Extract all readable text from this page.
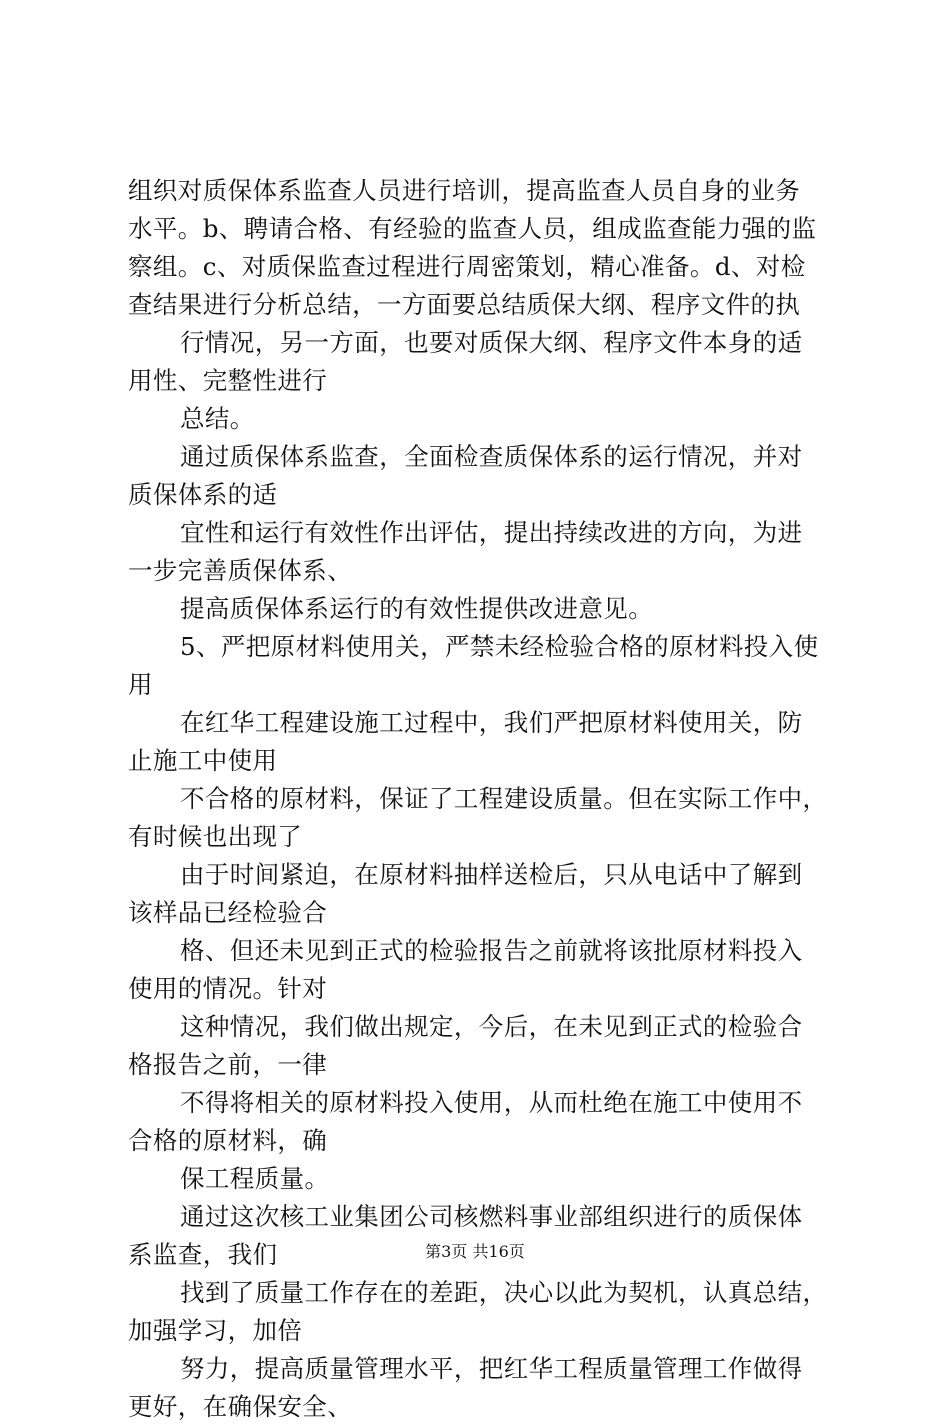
组织对质保体系监查人员进行培训，提高监查人员自身的业务
水平。b、聘请合格、有经验的监查人员，组成监查能力强的监
察组。c、对质保监查过程进行周密策划，精心准备。d、对检
查结果进行分析总结，一方面要总结质保大纲、程序文件的执
行情况，另一方面，也要对质保大纲、程序文件本身的适
用性、完整性进行
总结。
通过质保体系监查，全面检查质保体系的运行情况，并对
质保体系的适
宜性和运行有效性作出评估，提出持续改进的方向，为进
一步完善质保体系、
提高质保体系运行的有效性提供改进意见。
5、严把原材料使用关，严禁未经检验合格的原材料投入使
用
在红华工程建设施工过程中，我们严把原材料使用关，防
止施工中使用
不合格的原材料，保证了工程建设质量。但在实际工作中，
有时候也出现了
由于时间紧迫，在原材料抽样送检后，只从电话中了解到
该样品已经检验合
格、但还未见到正式的检验报告之前就将该批原材料投入
使用的情况。针对
这种情况，我们做出规定，今后，在未见到正式的检验合
格报告之前，一律
不得将相关的原材料投入使用，从而杜绝在施工中使用不
合格的原材料，确
保工程质量。
通过这次核工业集团公司核燃料事业部组织进行的质保体
系监查，我们
找到了质量工作存在的差距，决心以此为契机，认真总结，
加强学习，加倍
努力，提高质量管理水平，把红华工程质量管理工作做得
更好，在确保安全、
第3页 共16页
